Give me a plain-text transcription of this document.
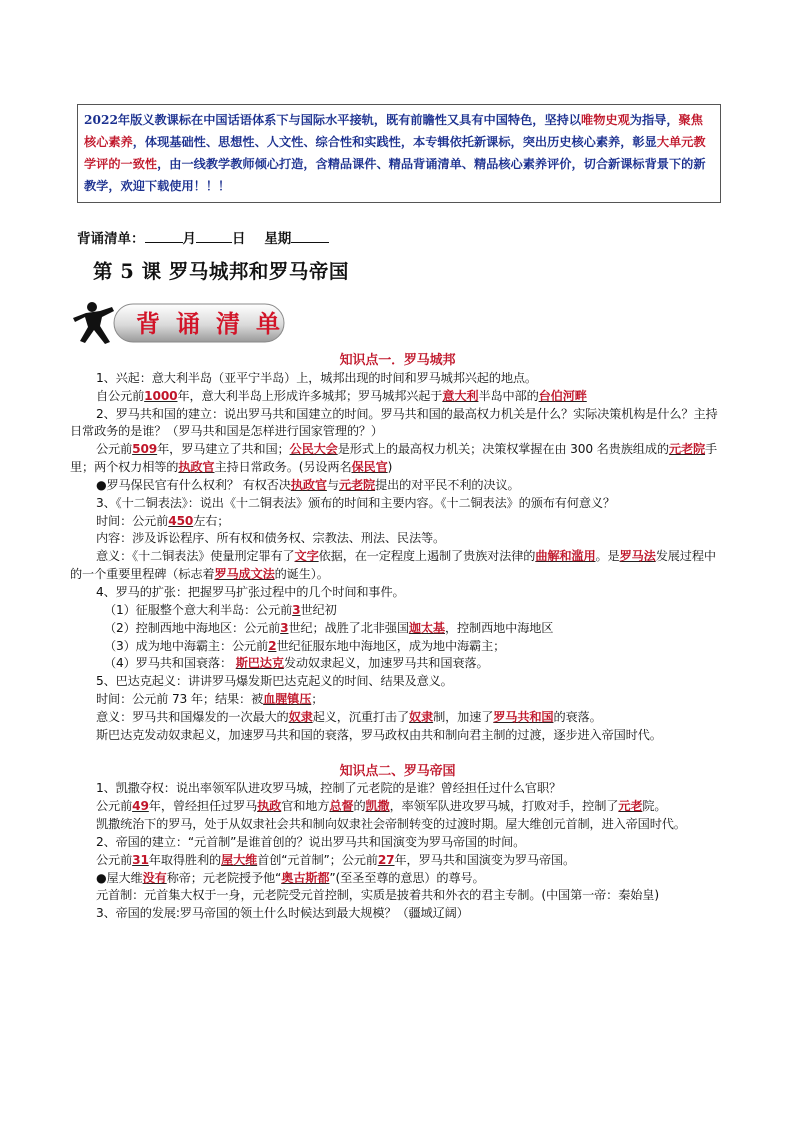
2022年版义教课标在中国话语体系下与国际水平接轨，既有前瞻性又具有中国特色，坚持以唯物史观为指导，聚焦核心素养，体现基础性、思想性、人文性、综合性和实践性，本专辑依托新课标，突出历史核心素养，彰显大单元教学评的一致性，由一线教学教师倾心打造，含精品课件、精品背诵清单、精品核心素养评价，切合新课标背景下的新教学，欢迎下载使用！！！
背诵清单：	月	日 星期
第 5 课 罗马城邦和罗马帝国
背 诵 清 单

知识点一．罗马城邦

1、兴起：意大利半岛（亚平宁半岛）上，城邦出现的时间和罗马城邦兴起的地点。

自公元前1000年，意大利半岛上形成许多城邦；罗马城邦兴起于意大利半岛中部的台伯河畔

2、罗马共和国的建立：说出罗马共和国建立的时间。罗马共和国的最高权力机关是什么？实际决策机构是什么？主持日常政务的是谁？（罗马共和国是怎样进行国家管理的？）

公元前509年，罗马建立了共和国；公民大会是形式上的最高权力机关；决策权掌握在由 300 名贵族组成的元老院手里；两个权力相等的执政官主持日常政务。(另设两名保民官)

●罗马保民官有什么权利？ 有权否决执政官与元老院提出的对平民不利的决议。

3、《十二铜表法》：说出《十二铜表法》颁布的时间和主要内容。《十二铜表法》的颁布有何意义？

时间：公元前450左右；

内容：涉及诉讼程序、所有权和债务权、宗教法、刑法、民法等。

意义：《十二铜表法》使量刑定罪有了文字依据，在一定程度上遏制了贵族对法律的曲解和滥用。是罗马法发展过程中的一个重要里程碑（标志着罗马成文法的诞生）。

4、罗马的扩张：把握罗马扩张过程中的几个时间和事件。

（1）征服整个意大利半岛：公元前3世纪初

（2）控制西地中海地区：公元前3世纪；战胜了北非强国迦太基，控制西地中海地区

（3）成为地中海霸主：公元前2世纪征服东地中海地区，成为地中海霸主；

（4）罗马共和国衰落： 斯巴达克发动奴隶起义，加速罗马共和国衰落。

5、巴达克起义：讲讲罗马爆发斯巴达克起义的时间、结果及意义。

时间：公元前 73 年；结果：被血腥镇压；

意义：罗马共和国爆发的一次最大的奴隶起义，沉重打击了奴隶制，加速了罗马共和国的衰落。

斯巴达克发动奴隶起义，加速罗马共和国的衰落，罗马政权由共和制向君主制的过渡，逐步进入帝国时代。

知识点二、罗马帝国

1、凯撒夺权：说出率领军队进攻罗马城，控制了元老院的是谁？曾经担任过什么官职？

公元前49年，曾经担任过罗马执政官和地方总督的凯撒，率领军队进攻罗马城，打败对手，控制了元老院。

凯撒统治下的罗马，处于从奴隶社会共和制向奴隶社会帝制转变的过渡时期。屋大维创元首制，进入帝国时代。

2、帝国的建立：“元首制”是谁首创的？说出罗马共和国演变为罗马帝国的时间。

公元前31年取得胜利的屋大维首创“元首制”；公元前27年，罗马共和国演变为罗马帝国。

●屋大维没有称帝；元老院授予他“奥古斯都”(至圣至尊的意思）的尊号。

元首制：元首集大权于一身，元老院受元首控制，实质是披着共和外衣的君主专制。(中国第一帝：秦始皇)

3、帝国的发展:罗马帝国的领土什么时候达到最大规模？（疆域辽阔）
